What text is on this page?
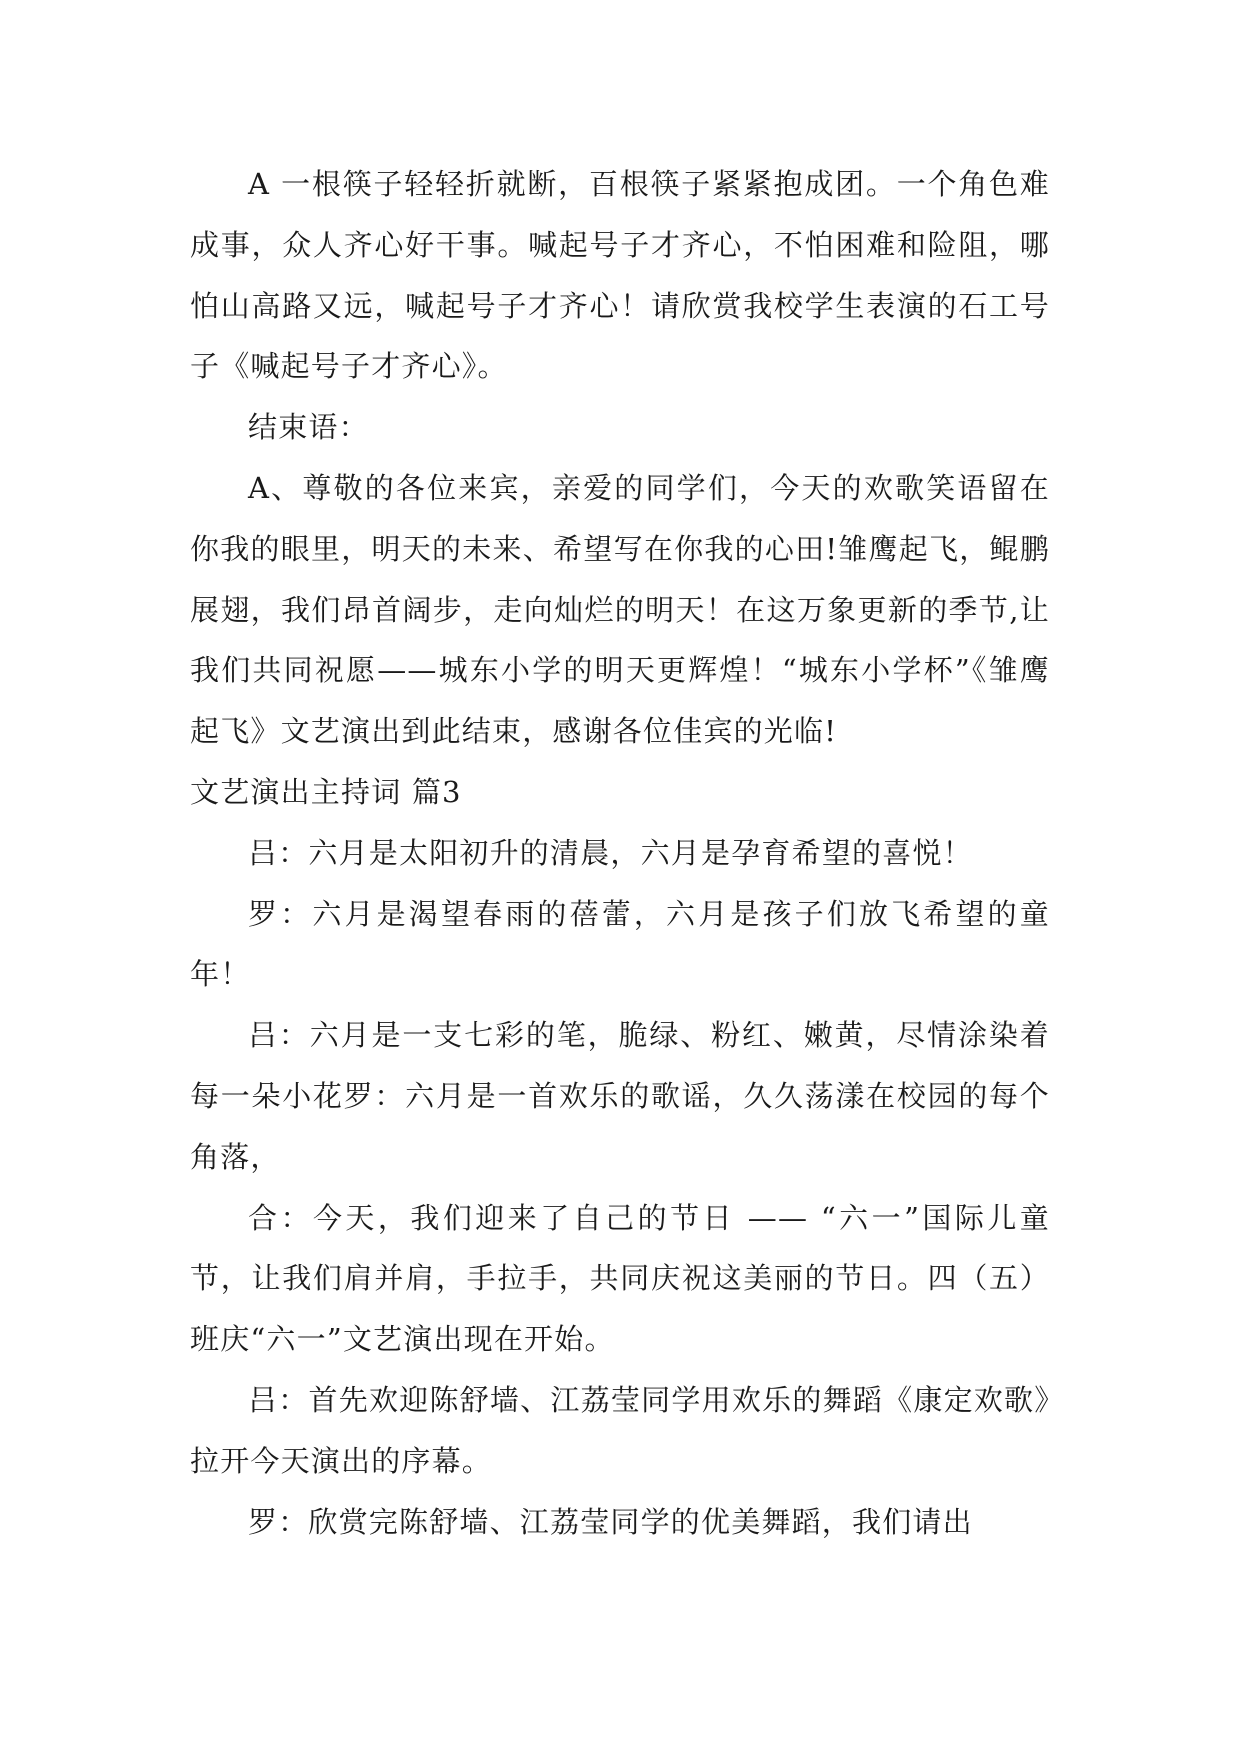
A 一根筷子轻轻折就断，百根筷子紧紧抱成团。一个角色难成事，众人齐心好干事。喊起号子才齐心，不怕困难和险阻，哪怕山高路又远，喊起号子才齐心！请欣赏我校学生表演的石工号子《喊起号子才齐心》。

结束语：

A、尊敬的各位来宾，亲爱的同学们，今天的欢歌笑语留在你我的眼里，明天的未来、希望写在你我的心田!雏鹰起飞，鲲鹏展翅，我们昂首阔步，走向灿烂的明天！在这万象更新的季节,让我们共同祝愿——城东小学的明天更辉煌！“城东小学杯”《雏鹰起飞》文艺演出到此结束，感谢各位佳宾的光临!

文艺演出主持词 篇3

吕：六月是太阳初升的清晨，六月是孕育希望的喜悦！

罗：六月是渴望春雨的蓓蕾，六月是孩子们放飞希望的童年！

吕：六月是一支七彩的笔，脆绿、粉红、嫩黄，尽情涂染着每一朵小花罗：六月是一首欢乐的歌谣，久久荡漾在校园的每个角落，

合：今天，我们迎来了自己的节日 —— “六一”国际儿童节，让我们肩并肩，手拉手，共同庆祝这美丽的节日。四（五）班庆“六一”文艺演出现在开始。

吕：首先欢迎陈舒墙、江荔莹同学用欢乐的舞蹈《康定欢歌》拉开今天演出的序幕。

罗：欣赏完陈舒墙、江荔莹同学的优美舞蹈，我们请出
